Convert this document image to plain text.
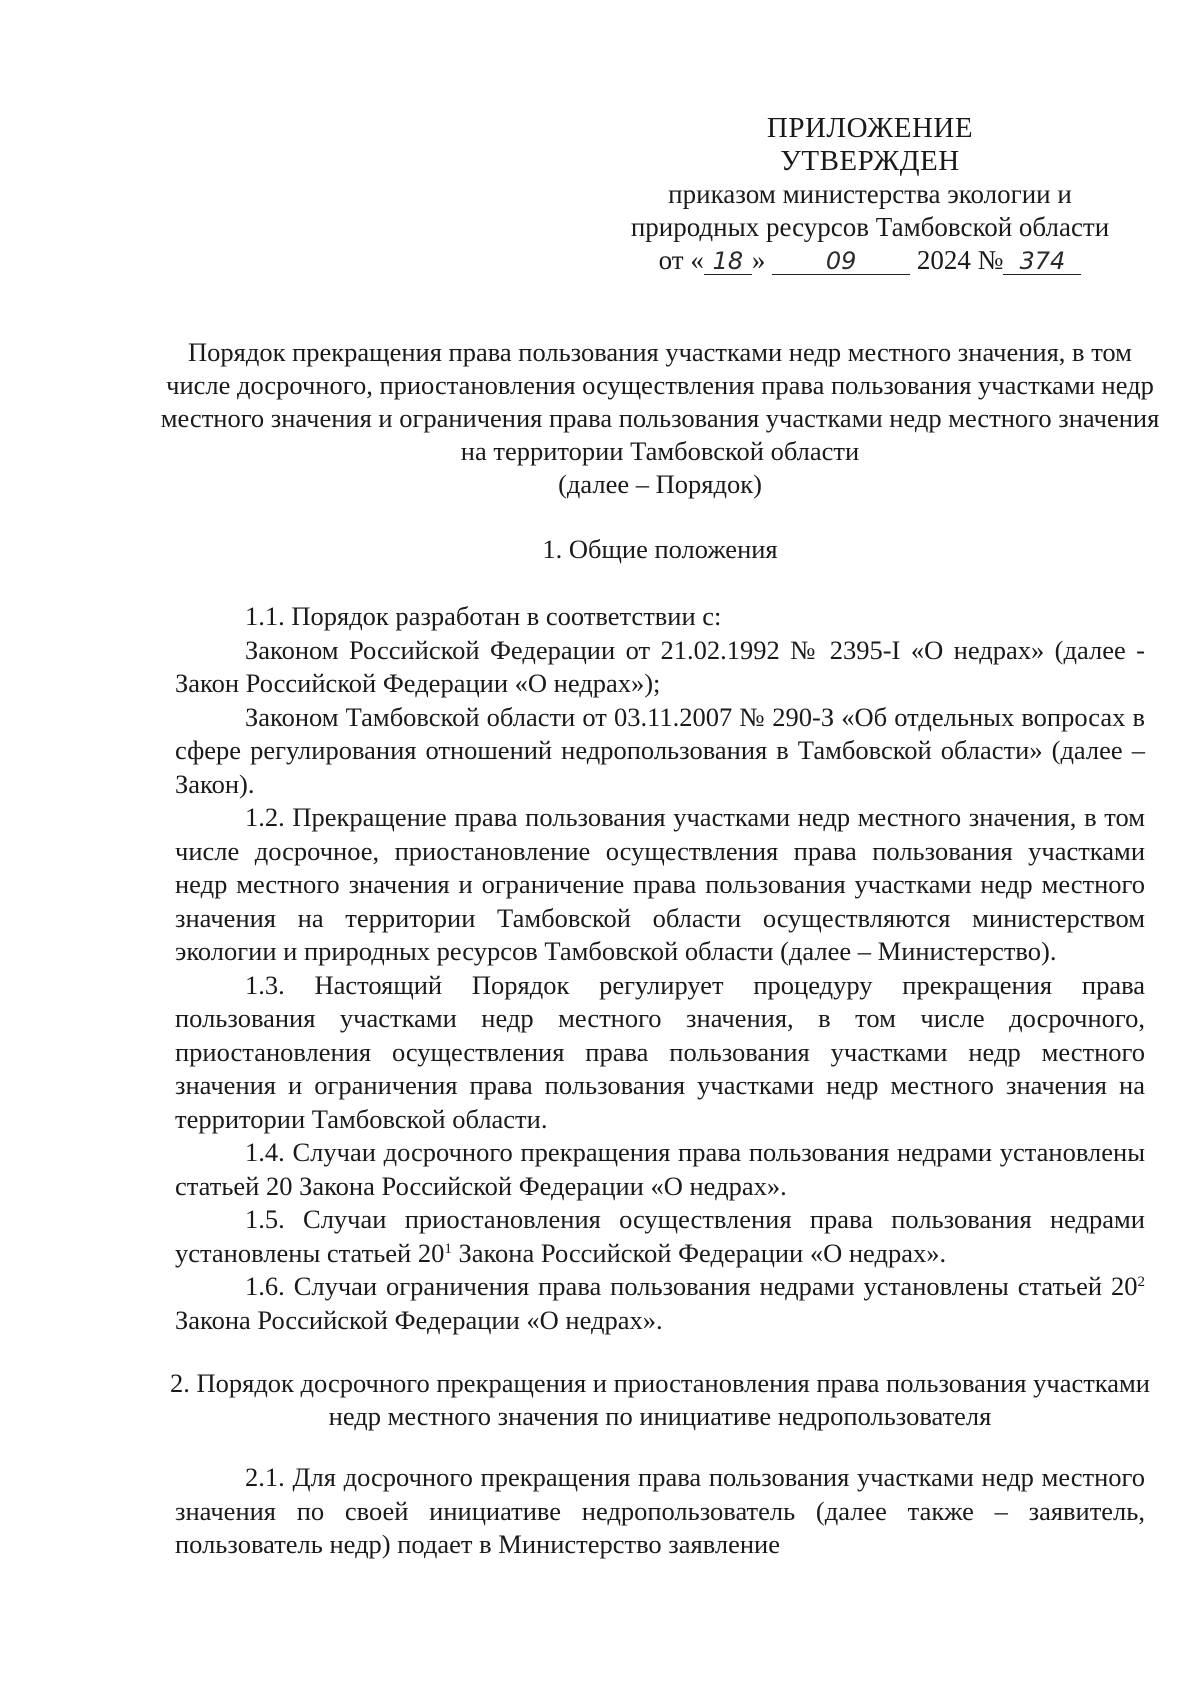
ПРИЛОЖЕНИЕ
УТВЕРЖДЕН
приказом министерства экологии и
природных ресурсов Тамбовской области
от « 18 »	09 2024 № 374
Порядок прекращения права пользования участками недр местного значения, в том числе досрочного, приостановления осуществления права пользования участками недр местного значения и ограничения права пользования участками недр местного значения на территории Тамбовской области
(далее – Порядок)
1. Общие положения

1.1. Порядок разработан в соответствии с:

Законом Российской Федерации от 21.02.1992 № 2395-I «О недрах» (далее - Закон Российской Федерации «О недрах»);

Законом Тамбовской области от 03.11.2007 № 290-З «Об отдельных вопросах в сфере регулирования отношений недропользования в Тамбовской области» (далее – Закон).

1.2. Прекращение права пользования участками недр местного значения, в том числе досрочное, приостановление осуществления права пользования участками недр местного значения и ограничение права пользования участками недр местного значения на территории Тамбовской области осуществляются министерством экологии и природных ресурсов Тамбовской области (далее – Министерство).

1.3. Настоящий Порядок регулирует процедуру прекращения права пользования участками недр местного значения, в том числе досрочного, приостановления осуществления права пользования участками недр местного значения и ограничения права пользования участками недр местного значения на территории Тамбовской области.

1.4. Случаи досрочного прекращения права пользования недрами установлены статьей 20 Закона Российской Федерации «О недрах».

1.5. Случаи приостановления осуществления права пользования недрами установлены статьей $20^1$ Закона Российской Федерации «О недрах».

1.6. Случаи ограничения права пользования недрами установлены статьей $20^2$ Закона Российской Федерации «О недрах».

2. Порядок досрочного прекращения и приостановления права пользования участками недр местного значения по инициативе недропользователя

2.1. Для досрочного прекращения права пользования участками недр местного значения по своей инициативе недропользователь (далее также – заявитель, пользователь недр) подает в Министерство заявление
